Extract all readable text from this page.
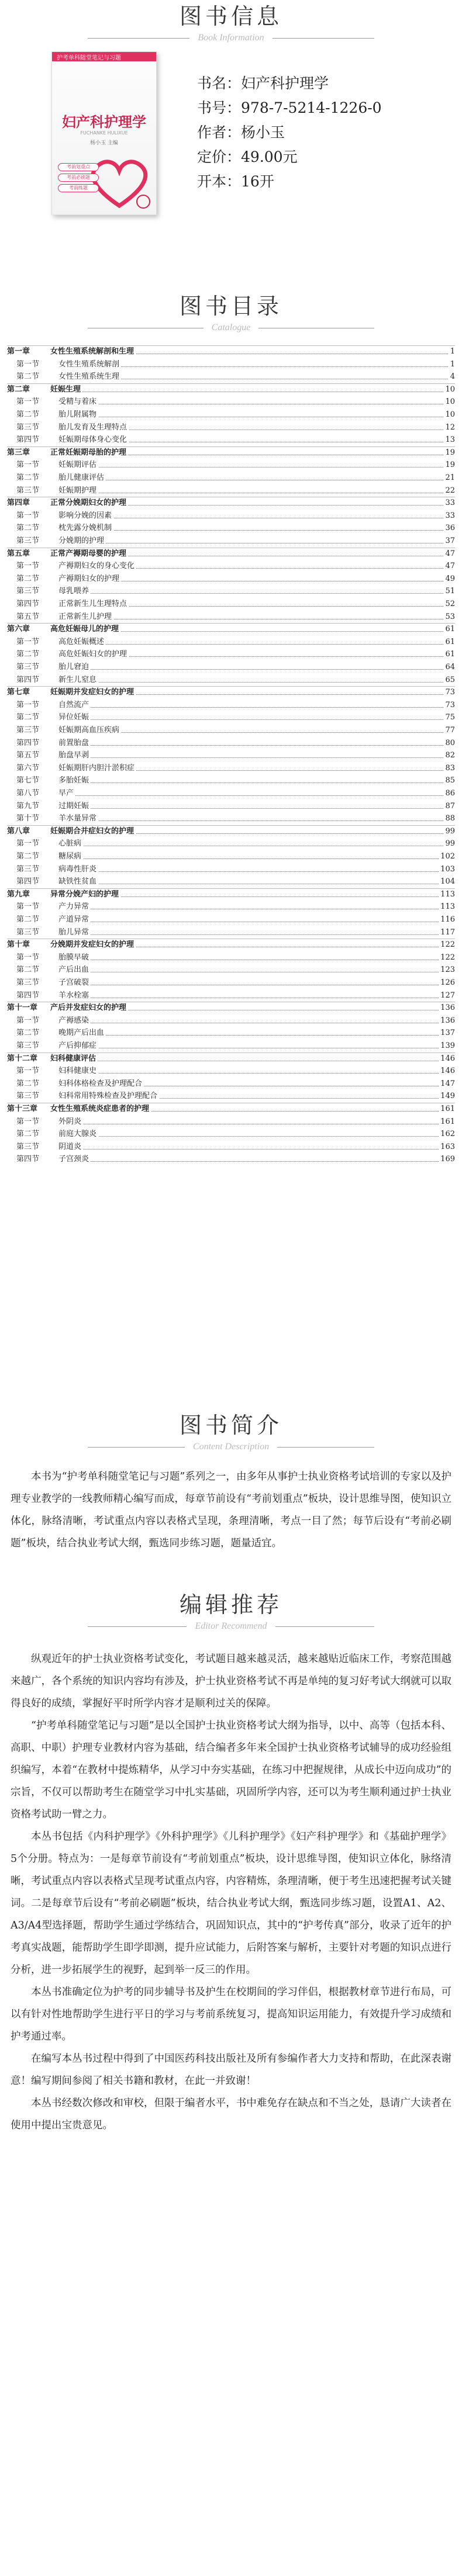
图书信息
Book Information
护考单科随堂笔记与习题
妇产科护理学
FUCHANKE HULIXUE
杨小玉 主编
考前划重点
考前必刷题
考前练题
书名：妇产科护理学
书号：978-7-5214-1226-0
作者：杨小玉
定价：49.00元
开本：16开
图书目录
Catalogue
第一章	女性生殖系统解剖和生理	1
第一节	女性生殖系统解剖	1
第二节	女性生殖系统生理	4
第二章	妊娠生理	10
第一节	受精与着床	10
第二节	胎儿附属物	10
第三节	胎儿发育及生理特点	12
第四节	妊娠期母体身心变化	13
第三章	正常妊娠期母胎的护理	19
第一节	妊娠期评估	19
第二节	胎儿健康评估	21
第三节	妊娠期护理	22
第四章	正常分娩期妇女的护理	33
第一节	影响分娩的因素	33
第二节	枕先露分娩机制	36
第三节	分娩期的护理	37
第五章	正常产褥期母婴的护理	47
第一节	产褥期妇女的身心变化	47
第二节	产褥期妇女的护理	49
第三节	母乳喂养	51
第四节	正常新生儿生理特点	52
第五节	正常新生儿护理	53
第六章	高危妊娠母儿的护理	61
第一节	高危妊娠概述	61
第二节	高危妊娠妇女的护理	61
第三节	胎儿窘迫	64
第四节	新生儿窒息	65
第七章	妊娠期并发症妇女的护理	73
第一节	自然流产	73
第二节	异位妊娠	75
第三节	妊娠期高血压疾病	77
第四节	前置胎盘	80
第五节	胎盘早剥	82
第六节	妊娠期肝内胆汁淤积症	83
第七节	多胎妊娠	85
第八节	早产	86
第九节	过期妊娠	87
第十节	羊水量异常	88
第八章	妊娠期合并症妇女的护理	99
第一节	心脏病	99
第二节	糖尿病	102
第三节	病毒性肝炎	103
第四节	缺铁性贫血	104
第九章	异常分娩产妇的护理	113
第一节	产力异常	113
第二节	产道异常	116
第三节	胎儿异常	117
第十章	分娩期并发症妇女的护理	122
第一节	胎膜早破	122
第二节	产后出血	123
第三节	子宫破裂	126
第四节	羊水栓塞	127
第十一章 产后并发症妇女的护理	136
第一节	产褥感染	136
第二节	晚期产后出血	137
第三节	产后抑郁症	139
第十二章 妇科健康评估	146
第一节	妇科健康史	146
第二节	妇科体格检查及护理配合	147
第三节	妇科常用特殊检查及护理配合	149
第十三章 女性生殖系统炎症患者的护理	161
第一节	外阴炎	161
第二节	前庭大腺炎	162
第三节	阴道炎	163
第四节	子宫颈炎	169
图书简介
Content Description
本书为“护考单科随堂笔记与习题”系列之一，由多年从事护士执业资格考试培训的专家以及护理专业教学的一线教师精心编写而成，每章节前设有“考前划重点”板块，设计思维导图，使知识立体化，脉络清晰，考试重点内容以表格式呈现，条理清晰，考点一目了然；每节后设有“考前必刷题”板块，结合执业考试大纲，甄选同步练习题，题量适宜。
编辑推荐
Editor Recommend
纵观近年的护士执业资格考试变化，考试题目越来越灵活，越来越贴近临床工作，考察范围越来越广，各个系统的知识内容均有涉及，护士执业资格考试不再是单纯的复习好考试大纲就可以取得良好的成绩，掌握好平时所学内容才是顺利过关的保障。
“护考单科随堂笔记与习题”是以全国护士执业资格考试大纲为指导，以中、高等（包括本科、高职、中职）护理专业教材内容为基础，结合编者多年来全国护士执业资格考试辅导的成功经验组织编写，本着“在教材中提炼精华，从学习中夯实基础，在练习中把握规律，从成长中迈向成功”的宗旨，不仅可以帮助考生在随堂学习中扎实基础，巩固所学内容，还可以为考生顺利通过护士执业资格考试助一臂之力。
本丛书包括《内科护理学》《外科护理学》《儿科护理学》《妇产科护理学》和《基础护理学》5个分册。特点为：一是每章节前设有“考前划重点”板块，设计思维导图，使知识立体化，脉络清晰，考试重点内容以表格式呈现考试重点内容，内容精炼，条理清晰，便于考生迅速把握考试关键词。二是每章节后设有“考前必刷题”板块，结合执业考试大纲，甄选同步练习题，设置A1、A2、A3/A4型选择题，帮助学生通过学练结合，巩固知识点，其中的“护考传真”部分，收录了近年的护考真实战题，能帮助学生即学即测，提升应试能力，后附答案与解析，主要针对考题的知识点进行分析，进一步拓展学生的视野，起到举一反三的作用。
本丛书准确定位为护考的同步辅导书及护生在校期间的学习伴侣，根据教材章节进行布局，可以有针对性地帮助学生进行平日的学习与考前系统复习，提高知识运用能力，有效提升学习成绩和护考通过率。
在编写本丛书过程中得到了中国医药科技出版社及所有参编作者大力支持和帮助，在此深表谢意！编写期间参阅了相关书籍和教材，在此一并致谢！
本丛书经数次修改和审校，但限于编者水平，书中难免存在缺点和不当之处，恳请广大读者在使用中提出宝贵意见。
